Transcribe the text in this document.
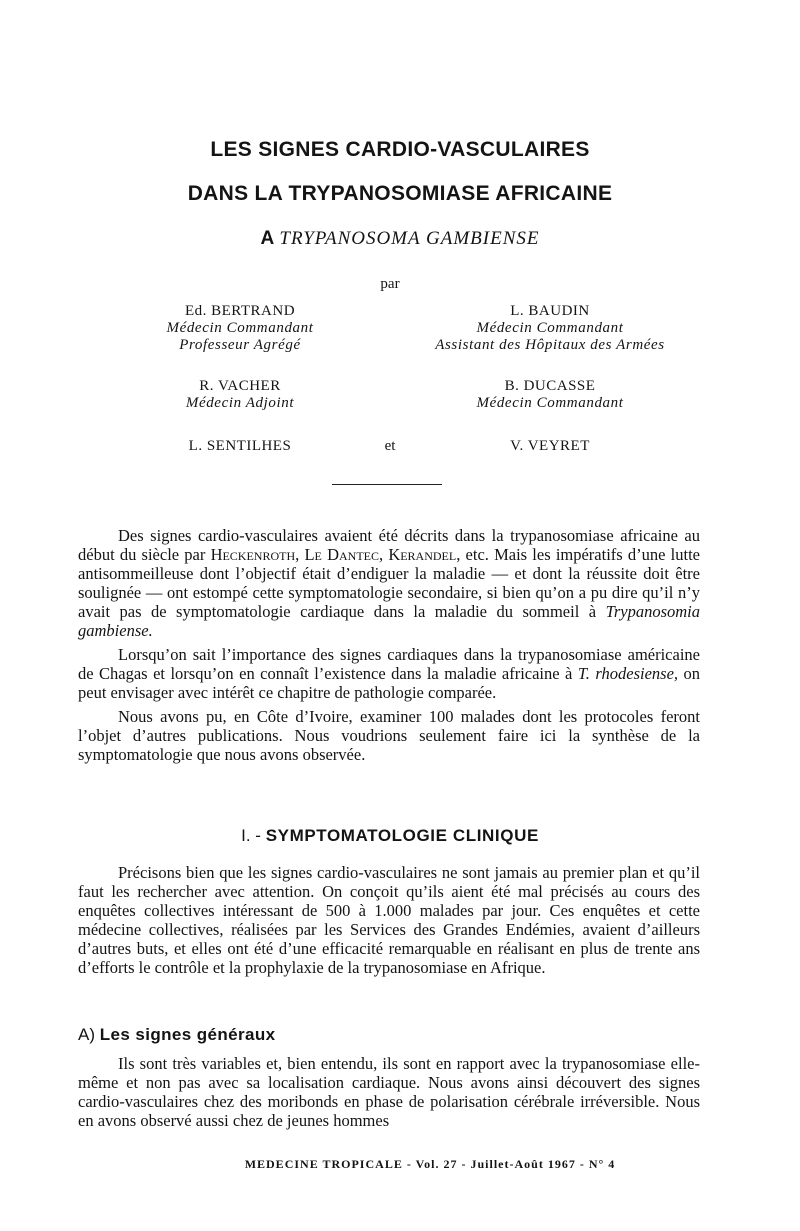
LES SIGNES CARDIO-VASCULAIRES
DANS LA TRYPANOSOMIASE AFRICAINE
A TRYPANOSOMA GAMBIENSE
par
Ed. BERTRAND
Médecin Commandant
Professeur Agrégé
L. BAUDIN
Médecin Commandant
Assistant des Hôpitaux des Armées
R. VACHER
Médecin Adjoint
B. DUCASSE
Médecin Commandant
L. SENTILHES	et	V. VEYRET

Des signes cardio-vasculaires avaient été décrits dans la trypanosomiase africaine au début du siècle par Heckenroth, Le Dantec, Kerandel, etc. Mais les impératifs d’une lutte antisommeilleuse dont l’objectif était d’endiguer la maladie — et dont la réussite doit être soulignée — ont estompé cette symptomatologie secondaire, si bien qu’on a pu dire qu’il n’y avait pas de symptomatologie cardiaque dans la maladie du sommeil à Trypanosomia gambiense.

Lorsqu’on sait l’importance des signes cardiaques dans la trypanosomiase américaine de Chagas et lorsqu’on en connaît l’existence dans la maladie africaine à T. rhodesiense, on peut envisager avec intérêt ce chapitre de pathologie comparée.

Nous avons pu, en Côte d’Ivoire, examiner 100 malades dont les protocoles feront l’objet d’autres publications. Nous voudrions seulement faire ici la synthèse de la symptomatologie que nous avons observée.

I. - SYMPTOMATOLOGIE CLINIQUE

Précisons bien que les signes cardio-vasculaires ne sont jamais au premier plan et qu’il faut les rechercher avec attention. On conçoit qu’ils aient été mal précisés au cours des enquêtes collectives intéressant de 500 à 1.000 malades par jour. Ces enquêtes et cette médecine collectives, réalisées par les Services des Grandes Endémies, avaient d’ailleurs d’autres buts, et elles ont été d’une efficacité remarquable en réalisant en plus de trente ans d’efforts le contrôle et la prophylaxie de la trypanosomiase en Afrique.

A) Les signes généraux

Ils sont très variables et, bien entendu, ils sont en rapport avec la trypanosomiase elle-même et non pas avec sa localisation cardiaque. Nous avons ainsi découvert des signes cardio-vasculaires chez des moribonds en phase de polarisation cérébrale irréversible. Nous en avons observé aussi chez de jeunes hommes

MEDECINE TROPICALE - Vol. 27 - Juillet-Août 1967 - N° 4
